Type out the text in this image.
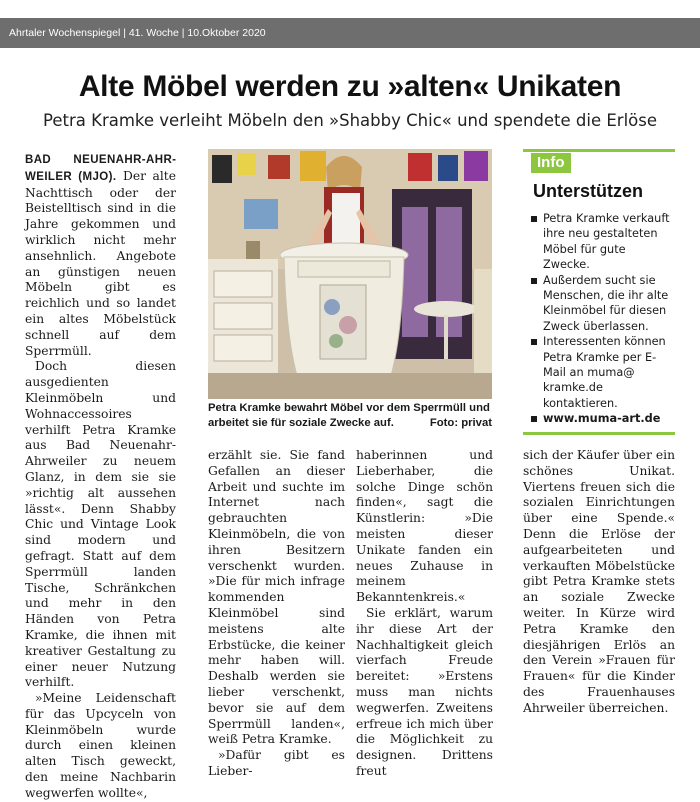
Ahrtaler Wochenspiegel | 41. Woche | 10.Oktober 2020
Alte Möbel werden zu »alten« Unikaten
Petra Kramke verleiht Möbeln den »Shabby Chic« und spendete die Erlöse

BAD NEUENAHR-AHRWEILER (MJO). Der alte Nachttisch oder der Beistelltisch sind in die Jahre gekommen und wirklich nicht mehr ansehnlich. Angebote an günstigen neuen Möbeln gibt es reichlich und so landet ein altes Möbelstück schnell auf dem Sperrmüll.

Doch diesen ausgedienten Kleinmöbeln und Wohnaccessoires verhilft Petra Kramke aus Bad Neuenahr-Ahrweiler zu neuem Glanz, in dem sie sie »richtig alt aussehen lässt«. Denn Shabby Chic und Vintage Look sind modern und gefragt. Statt auf dem Sperrmüll landen Tische, Schränkchen und mehr in den Händen von Petra Kramke, die ihnen mit kreativer Gestaltung zu einer neuer Nutzung verhilft.

»Meine Leidenschaft für das Upcyceln von Kleinmöbeln wurde durch einen kleinen alten Tisch geweckt, den meine Nachbarin wegwerfen wollte«,

Petra Kramke bewahrt Möbel vor dem Sperrmüll und arbeitet sie für soziale Zwecke auf.	Foto: privat

erzählt sie. Sie fand Gefallen an dieser Arbeit und suchte im Internet nach gebrauchten Kleinmöbeln, die von ihren Besitzern verschenkt wurden. »Die für mich infrage kommenden Kleinmöbel sind meistens alte Erbstücke, die keiner mehr haben will. Deshalb werden sie lieber verschenkt, bevor sie auf dem Sperrmüll landen«, weiß Petra Kramke.

»Dafür gibt es Lieber-

haberinnen und Lieberhaber, die solche Dinge schön finden«, sagt die Künstlerin: »Die meisten dieser Unikate fanden ein neues Zuhause in meinem Bekanntenkreis.«

Sie erklärt, warum ihr diese Art der Nachhaltigkeit gleich vierfach Freude bereitet: »Erstens muss man nichts wegwerfen. Zweitens erfreue ich mich über die Möglichkeit zu designen. Drittens freut

sich der Käufer über ein schönes Unikat. Viertens freuen sich die sozialen Einrichtungen über eine Spende.« Denn die Erlöse der aufgearbeiteten und verkauften Möbelstücke gibt Petra Kramke stets an soziale Zwecke weiter. In Kürze wird Petra Kramke den diesjährigen Erlös an den Verein »Frauen für Frauen« für die Kinder des Frauenhauses Ahrweiler überreichen.

Info
Unterstützen
Petra Kramke verkauft ihre neu gestalteten Möbel für gute Zwecke.
Außerdem sucht sie Menschen, die ihr alte Kleinmöbel für diesen Zweck überlassen.
Interessenten können Petra Kramke per E-Mail an muma@ kramke.de kontaktieren.
www.muma-art.de
